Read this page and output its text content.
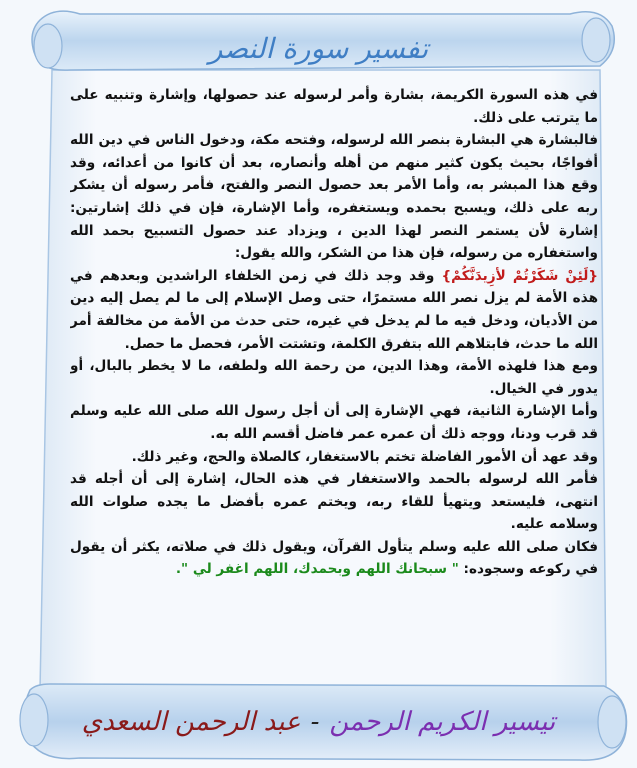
تفسير سورة النصر

في هذه السورة الكريمة، بشارة وأمر لرسوله عند حصولها، وإشارة وتنبيه على ما يترتب على ذلك.

فالبشارة هي البشارة بنصر الله لرسوله، وفتحه مكة، ودخول الناس في دين الله أفواجًا، بحيث يكون كثير منهم من أهله وأنصاره، بعد أن كانوا من أعدائه، وقد وقع هذا المبشر به، وأما الأمر بعد حصول النصر والفتح، فأمر رسوله أن يشكر ربه على ذلك، ويسبح بحمده ويستغفره، وأما الإشارة، فإن في ذلك إشارتين: إشارة لأن يستمر النصر لهذا الدين ، ويزداد عند حصول التسبيح بحمد الله واستغفاره من رسوله، فإن هذا من الشكر، والله يقول:

{لَئِنْ شَكَرْتُمْ لأزِيدَنَّكُمْ} وقد وجد ذلك في زمن الخلفاء الراشدين وبعدهم في هذه الأمة لم يزل نصر الله مستمرًا، حتى وصل الإسلام إلى ما لم يصل إليه دين من الأديان، ودخل فيه ما لم يدخل في غيره، حتى حدث من الأمة من مخالفة أمر الله ما حدث، فابتلاهم الله بتفرق الكلمة، وتشتت الأمر، فحصل ما حصل.

ومع هذا فلهذه الأمة، وهذا الدين، من رحمة الله ولطفه، ما لا يخطر بالبال، أو يدور في الخيال.

وأما الإشارة الثانية، فهي الإشارة إلى أن أجل رسول الله صلى الله عليه وسلم قد قرب ودنا، ووجه ذلك أن عمره عمر فاضل أقسم الله به.

وقد عهد أن الأمور الفاضلة تختم بالاستغفار، كالصلاة والحج، وغير ذلك.

فأمر الله لرسوله بالحمد والاستغفار في هذه الحال، إشارة إلى أن أجله قد انتهى، فليستعد ويتهيأ للقاء ربه، ويختم عمره بأفضل ما يجده صلوات الله وسلامه عليه.

فكان صلى الله عليه وسلم يتأول القرآن، ويقول ذلك في صلاته، يكثر أن يقول في ركوعه وسجوده: " سبحانك اللهم وبحمدك، اللهم اغفر لي ".

تيسير الكريم الرحمن-عبد الرحمن السعدي
